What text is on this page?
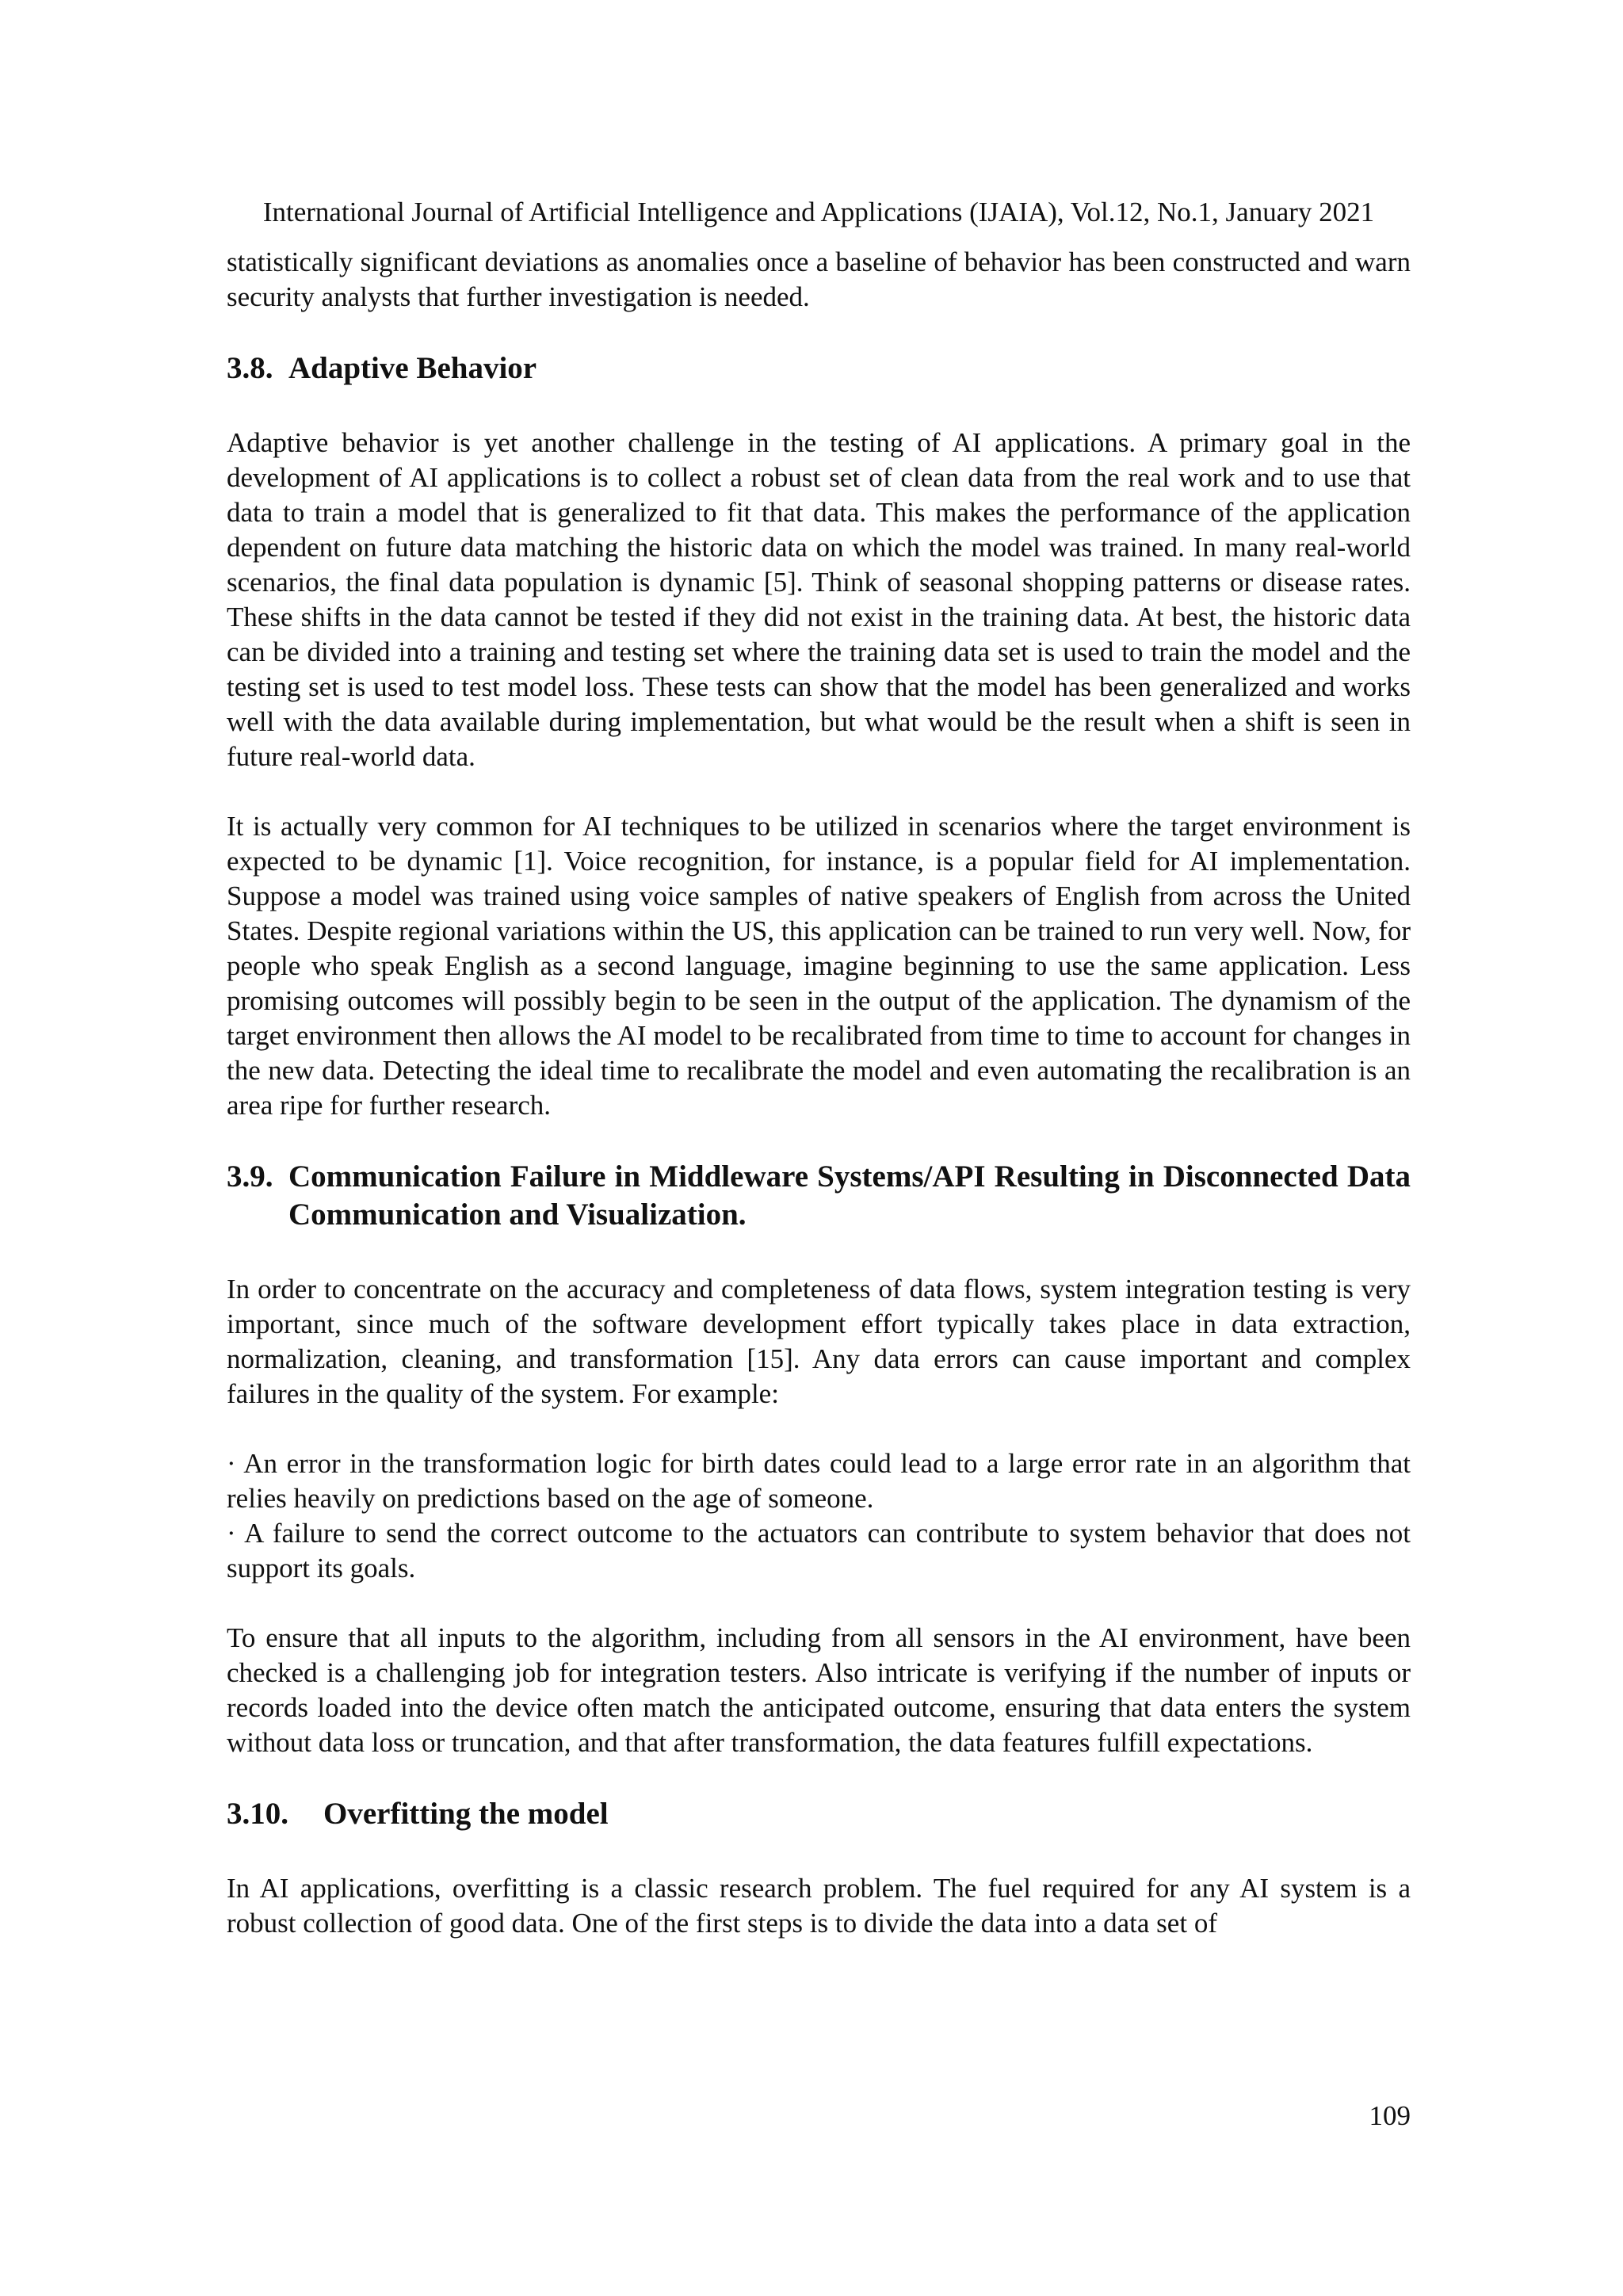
International Journal of Artificial Intelligence and Applications (IJAIA), Vol.12, No.1, January 2021

statistically significant deviations as anomalies once a baseline of behavior has been constructed and warn security analysts that further investigation is needed.

3.8. Adaptive Behavior

Adaptive behavior is yet another challenge in the testing of AI applications. A primary goal in the development of AI applications is to collect a robust set of clean data from the real work and to use that data to train a model that is generalized to fit that data. This makes the performance of the application dependent on future data matching the historic data on which the model was trained. In many real-world scenarios, the final data population is dynamic [5]. Think of seasonal shopping patterns or disease rates. These shifts in the data cannot be tested if they did not exist in the training data. At best, the historic data can be divided into a training and testing set where the training data set is used to train the model and the testing set is used to test model loss. These tests can show that the model has been generalized and works well with the data available during implementation, but what would be the result when a shift is seen in future real-world data.

It is actually very common for AI techniques to be utilized in scenarios where the target environment is expected to be dynamic [1]. Voice recognition, for instance, is a popular field for AI implementation. Suppose a model was trained using voice samples of native speakers of English from across the United States. Despite regional variations within the US, this application can be trained to run very well. Now, for people who speak English as a second language, imagine beginning to use the same application. Less promising outcomes will possibly begin to be seen in the output of the application. The dynamism of the target environment then allows the AI model to be recalibrated from time to time to account for changes in the new data. Detecting the ideal time to recalibrate the model and even automating the recalibration is an area ripe for further research.

3.9. Communication Failure in Middleware Systems/API Resulting in Disconnected Data Communication and Visualization.

In order to concentrate on the accuracy and completeness of data flows, system integration testing is very important, since much of the software development effort typically takes place in data extraction, normalization, cleaning, and transformation [15]. Any data errors can cause important and complex failures in the quality of the system. For example:

· An error in the transformation logic for birth dates could lead to a large error rate in an algorithm that relies heavily on predictions based on the age of someone.

· A failure to send the correct outcome to the actuators can contribute to system behavior that does not support its goals.

To ensure that all inputs to the algorithm, including from all sensors in the AI environment, have been checked is a challenging job for integration testers. Also intricate is verifying if the number of inputs or records loaded into the device often match the anticipated outcome, ensuring that data enters the system without data loss or truncation, and that after transformation, the data features fulfill expectations.

3.10.	Overfitting the model

In AI applications, overfitting is a classic research problem. The fuel required for any AI system is a robust collection of good data. One of the first steps is to divide the data into a data set of

109
